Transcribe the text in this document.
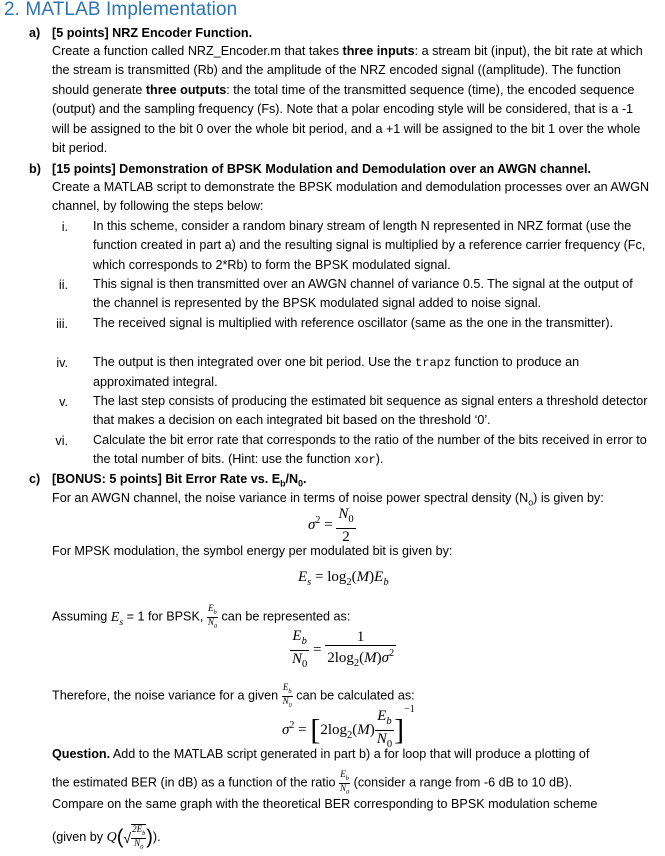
2. MATLAB Implementation
a) [5 points] NRZ Encoder Function.
Create a function called NRZ_Encoder.m that takes three inputs: a stream bit (input), the bit rate at which the stream is transmitted (Rb) and the amplitude of the NRZ encoded signal ((amplitude). The function should generate three outputs: the total time of the transmitted sequence (time), the encoded sequence (output) and the sampling frequency (Fs). Note that a polar encoding style will be considered, that is a -1 will be assigned to the bit 0 over the whole bit period, and a +1 will be assigned to the bit 1 over the whole bit period.
b) [15 points] Demonstration of BPSK Modulation and Demodulation over an AWGN channel.
Create a MATLAB script to demonstrate the BPSK modulation and demodulation processes over an AWGN channel, by following the steps below:
i. In this scheme, consider a random binary stream of length N represented in NRZ format (use the function created in part a) and the resulting signal is multiplied by a reference carrier frequency (Fc, which corresponds to 2*Rb) to form the BPSK modulated signal.
ii. This signal is then transmitted over an AWGN channel of variance 0.5. The signal at the output of the channel is represented by the BPSK modulated signal added to noise signal.
iii. The received signal is multiplied with reference oscillator (same as the one in the transmitter).
iv. The output is then integrated over one bit period. Use the trapz function to produce an approximated integral.
v. The last step consists of producing the estimated bit sequence as signal enters a threshold detector that makes a decision on each integrated bit based on the threshold ‘0’.
vi. Calculate the bit error rate that corresponds to the ratio of the number of the bits received in error to the total number of bits. (Hint: use the function xor).
c) [BONUS: 5 points] Bit Error Rate vs. $E_b/N_0$.
For an AWGN channel, the noise variance in terms of noise power spectral density $(N_o)$ is given by:
$\sigma^2 = \frac{N_0}{2}$
For MPSK modulation, the symbol energy per modulated bit is given by:
$E_s = \log_2(M)E_b$
Assuming $E_s = 1$ for BPSK, $\frac{E_b}{N_0}$ can be represented as:
$\frac{E_b}{N_0} = \frac{1}{2\log_2(M)\sigma^2}$
Therefore, the noise variance for a given $\frac{E_b}{N_0}$ can be calculated as:
$\sigma^2 = [2\log_2(M) \frac{E_b}{N_0} ]^{-1}$
Question. Add to the MATLAB script generated in part b) a for loop that will produce a plotting of
the estimated BER (in dB) as a function of the ratio $\frac{E_b}{N_0}$ (consider a range from -6 dB to 10 dB).
Compare on the same graph with the theoretical BER corresponding to BPSK modulation scheme
(given by $Q(√ \frac{2E_b}{N_0}$ )).
